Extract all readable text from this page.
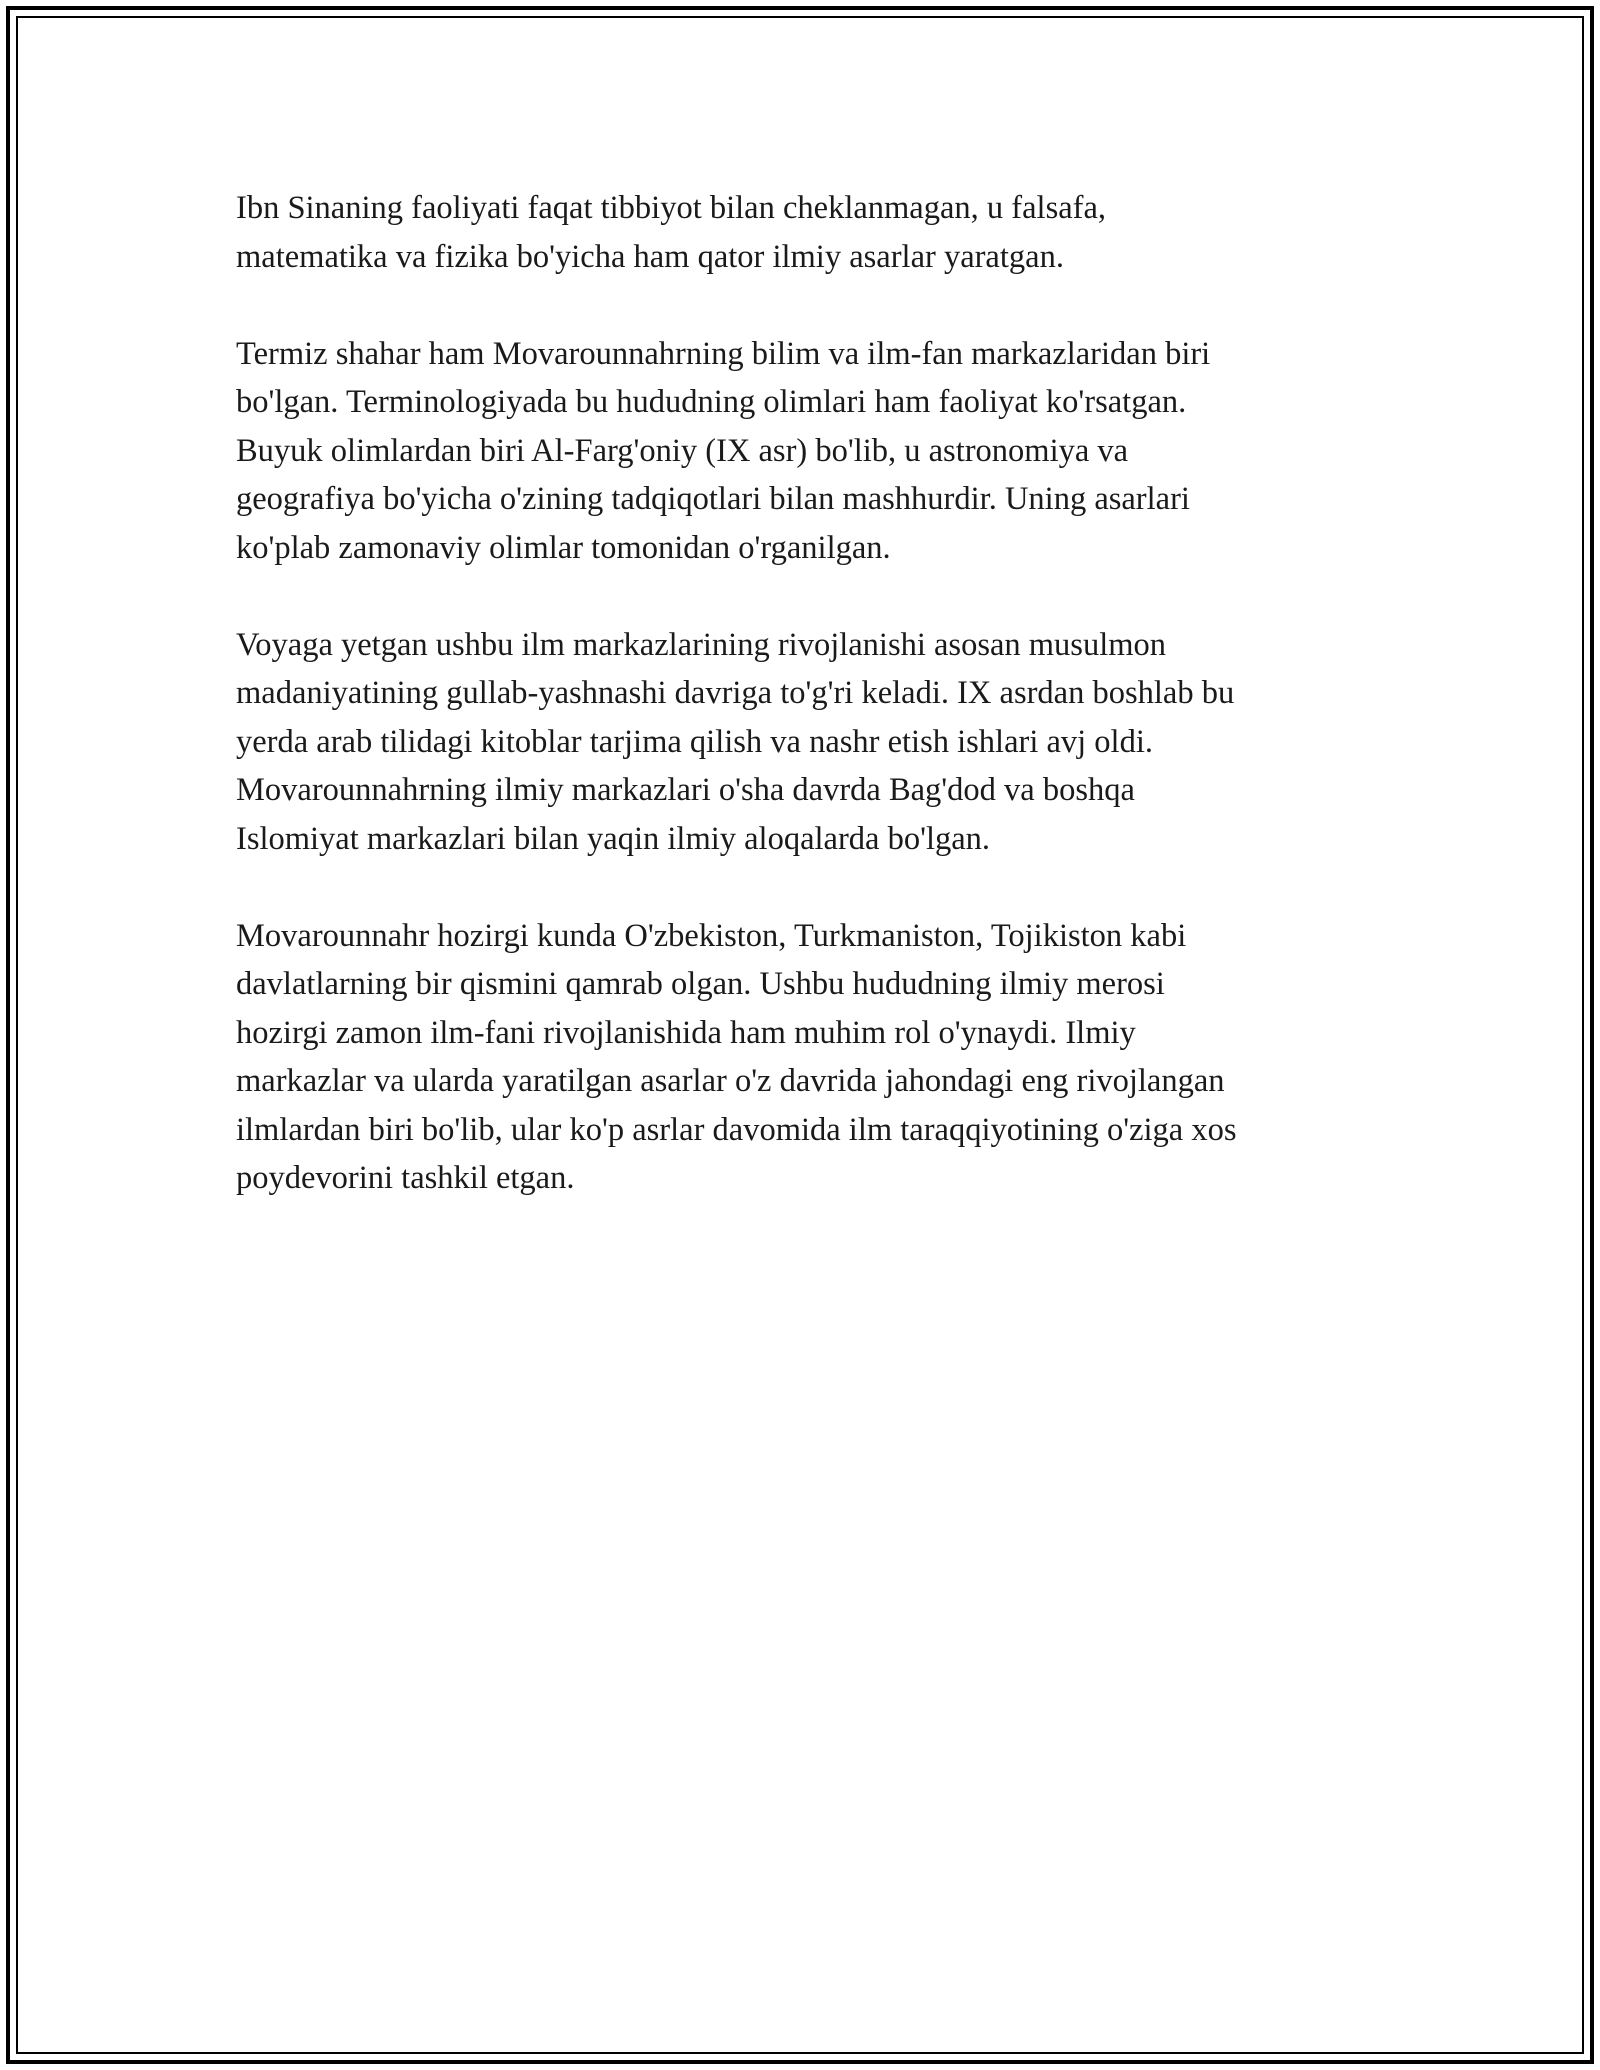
Ibn Sinaning faoliyati faqat tibbiyot bilan cheklanmagan, u falsafa,
matematika va fizika bo'yicha ham qator ilmiy asarlar yaratgan.

Termiz shahar ham Movarounnahrning bilim va ilm-fan markazlaridan biri
bo'lgan. Terminologiyada bu hududning olimlari ham faoliyat ko'rsatgan.
Buyuk olimlardan biri Al-Farg'oniy (IX asr) bo'lib, u astronomiya va
geografiya bo'yicha o'zining tadqiqotlari bilan mashhurdir. Uning asarlari
ko'plab zamonaviy olimlar tomonidan o'rganilgan.

Voyaga yetgan ushbu ilm markazlarining rivojlanishi asosan musulmon
madaniyatining gullab-yashnashi davriga to'g'ri keladi. IX asrdan boshlab bu
yerda arab tilidagi kitoblar tarjima qilish va nashr etish ishlari avj oldi.
Movarounnahrning ilmiy markazlari o'sha davrda Bag'dod va boshqa
Islomiyat markazlari bilan yaqin ilmiy aloqalarda bo'lgan.

Movarounnahr hozirgi kunda O'zbekiston, Turkmaniston, Tojikiston kabi
davlatlarning bir qismini qamrab olgan. Ushbu hududning ilmiy merosi
hozirgi zamon ilm-fani rivojlanishida ham muhim rol o'ynaydi. Ilmiy
markazlar va ularda yaratilgan asarlar o'z davrida jahondagi eng rivojlangan
ilmlardan biri bo'lib, ular ko'p asrlar davomida ilm taraqqiyotining o'ziga xos
poydevorini tashkil etgan.
